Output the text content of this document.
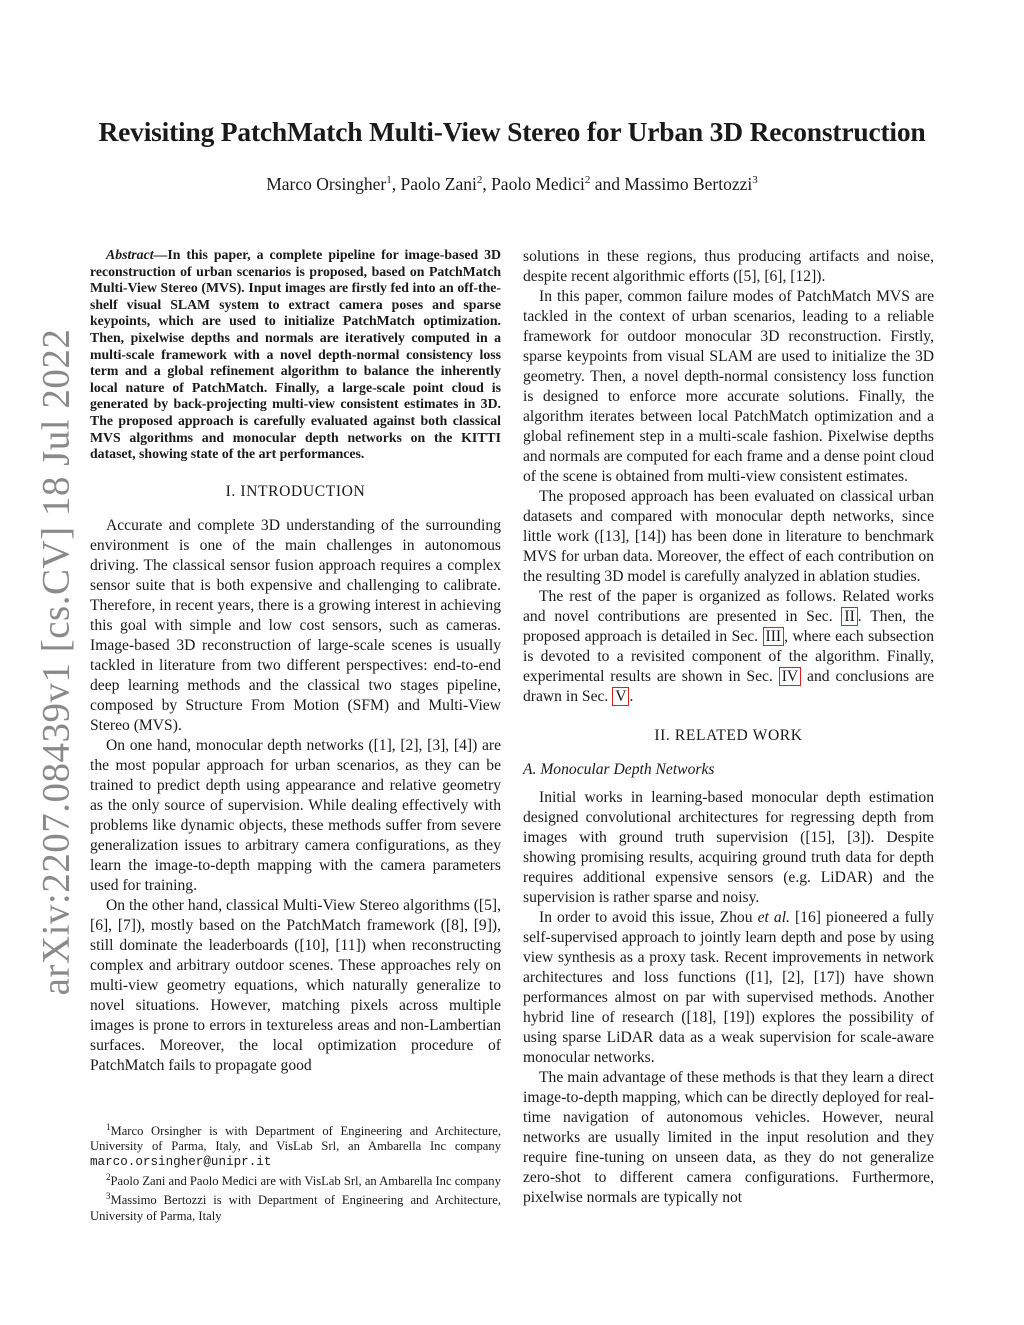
Revisiting PatchMatch Multi-View Stereo for Urban 3D Reconstruction
Marco Orsingher$^1$, Paolo Zani$^2$, Paolo Medici$^2$ and Massimo Bertozzi$^3$
arXiv:2207.08439v1 [cs.CV] 18 Jul 2022

Abstract—In this paper, a complete pipeline for image-based 3D reconstruction of urban scenarios is proposed, based on PatchMatch Multi-View Stereo (MVS). Input images are firstly fed into an off-the-shelf visual SLAM system to extract camera poses and sparse keypoints, which are used to initialize PatchMatch optimization. Then, pixelwise depths and normals are iteratively computed in a multi-scale framework with a novel depth-normal consistency loss term and a global refinement algorithm to balance the inherently local nature of PatchMatch. Finally, a large-scale point cloud is generated by back-projecting multi-view consistent estimates in 3D. The proposed approach is carefully evaluated against both classical MVS algorithms and monocular depth networks on the KITTI dataset, showing state of the art performances.

I. INTRODUCTION

Accurate and complete 3D understanding of the surrounding environment is one of the main challenges in autonomous driving. The classical sensor fusion approach requires a complex sensor suite that is both expensive and challenging to calibrate. Therefore, in recent years, there is a growing interest in achieving this goal with simple and low cost sensors, such as cameras. Image-based 3D reconstruction of large-scale scenes is usually tackled in literature from two different perspectives: end-to-end deep learning methods and the classical two stages pipeline, composed by Structure From Motion (SFM) and Multi-View Stereo (MVS).

On one hand, monocular depth networks ([1], [2], [3], [4]) are the most popular approach for urban scenarios, as they can be trained to predict depth using appearance and relative geometry as the only source of supervision. While dealing effectively with problems like dynamic objects, these methods suffer from severe generalization issues to arbitrary camera configurations, as they learn the image-to-depth mapping with the camera parameters used for training.

On the other hand, classical Multi-View Stereo algorithms ([5], [6], [7]), mostly based on the PatchMatch framework ([8], [9]), still dominate the leaderboards ([10], [11]) when reconstructing complex and arbitrary outdoor scenes. These approaches rely on multi-view geometry equations, which naturally generalize to novel situations. However, matching pixels across multiple images is prone to errors in textureless areas and non-Lambertian surfaces. Moreover, the local optimization procedure of PatchMatch fails to propagate good

solutions in these regions, thus producing artifacts and noise, despite recent algorithmic efforts ([5], [6], [12]).

In this paper, common failure modes of PatchMatch MVS are tackled in the context of urban scenarios, leading to a reliable framework for outdoor monocular 3D reconstruction. Firstly, sparse keypoints from visual SLAM are used to initialize the 3D geometry. Then, a novel depth-normal consistency loss function is designed to enforce more accurate solutions. Finally, the algorithm iterates between local PatchMatch optimization and a global refinement step in a multi-scale fashion. Pixelwise depths and normals are computed for each frame and a dense point cloud of the scene is obtained from multi-view consistent estimates.

The proposed approach has been evaluated on classical urban datasets and compared with monocular depth networks, since little work ([13], [14]) has been done in literature to benchmark MVS for urban data. Moreover, the effect of each contribution on the resulting 3D model is carefully analyzed in ablation studies.

The rest of the paper is organized as follows. Related works and novel contributions are presented in Sec. II . Then, the proposed approach is detailed in Sec. III , where each subsection is devoted to a revisited component of the algorithm. Finally, experimental results are shown in Sec. IV and conclusions are drawn in Sec. V .

II. RELATED WORK
A. Monocular Depth Networks

Initial works in learning-based monocular depth estimation designed convolutional architectures for regressing depth from images with ground truth supervision ([15], [3]). Despite showing promising results, acquiring ground truth data for depth requires additional expensive sensors (e.g. LiDAR) and the supervision is rather sparse and noisy.

In order to avoid this issue, Zhou et al. [16] pioneered a fully self-supervised approach to jointly learn depth and pose by using view synthesis as a proxy task. Recent improvements in network architectures and loss functions ([1], [2], [17]) have shown performances almost on par with supervised methods. Another hybrid line of research ([18], [19]) explores the possibility of using sparse LiDAR data as a weak supervision for scale-aware monocular networks.

The main advantage of these methods is that they learn a direct image-to-depth mapping, which can be directly deployed for real-time navigation of autonomous vehicles. However, neural networks are usually limited in the input resolution and they require fine-tuning on unseen data, as they do not generalize zero-shot to different camera configurations. Furthermore, pixelwise normals are typically not

$^1$Marco Orsingher is with Department of Engineering and Architecture, University of Parma, Italy, and VisLab Srl, an Ambarella Inc company marco.orsingher@unipr.it

$^2$Paolo Zani and Paolo Medici are with VisLab Srl, an Ambarella Inc company

$^3$Massimo Bertozzi is with Department of Engineering and Architecture, University of Parma, Italy
